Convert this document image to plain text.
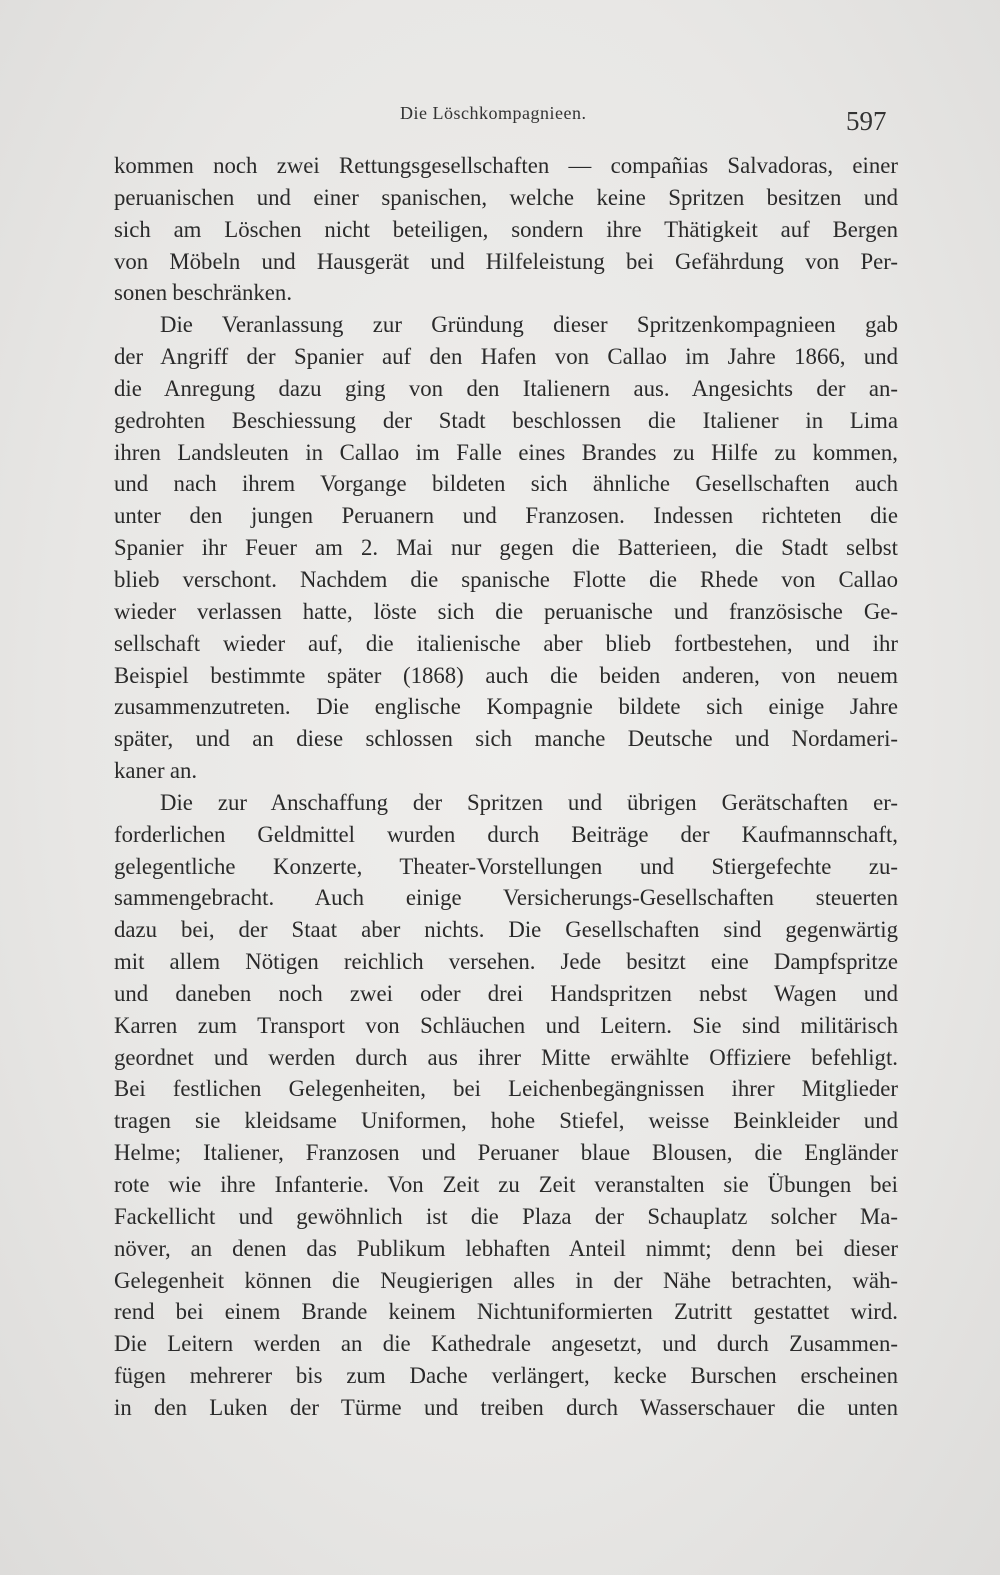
Die Löschkompagnieen.	597
kommen noch zwei Rettungsgesellschaften — compañias Salvadoras, einer
peruanischen und einer spanischen, welche keine Spritzen besitzen und
sich am Löschen nicht beteiligen, sondern ihre Thätigkeit auf Bergen
von Möbeln und Hausgerät und Hilfeleistung bei Gefährdung von Per-
sonen beschränken.
Die Veranlassung zur Gründung dieser Spritzenkompagnieen gab
der Angriff der Spanier auf den Hafen von Callao im Jahre 1866, und
die Anregung dazu ging von den Italienern aus. Angesichts der an-
gedrohten Beschiessung der Stadt beschlossen die Italiener in Lima
ihren Landsleuten in Callao im Falle eines Brandes zu Hilfe zu kommen,
und nach ihrem Vorgange bildeten sich ähnliche Gesellschaften auch
unter den jungen Peruanern und Franzosen. Indessen richteten die
Spanier ihr Feuer am 2. Mai nur gegen die Batterieen, die Stadt selbst
blieb verschont. Nachdem die spanische Flotte die Rhede von Callao
wieder verlassen hatte, löste sich die peruanische und französische Ge-
sellschaft wieder auf, die italienische aber blieb fortbestehen, und ihr
Beispiel bestimmte später (1868) auch die beiden anderen, von neuem
zusammenzutreten. Die englische Kompagnie bildete sich einige Jahre
später, und an diese schlossen sich manche Deutsche und Nordameri-
kaner an.
Die zur Anschaffung der Spritzen und übrigen Gerätschaften er-
forderlichen Geldmittel wurden durch Beiträge der Kaufmannschaft,
gelegentliche Konzerte, Theater-Vorstellungen und Stiergefechte zu-
sammengebracht. Auch einige Versicherungs-Gesellschaften steuerten
dazu bei, der Staat aber nichts. Die Gesellschaften sind gegenwärtig
mit allem Nötigen reichlich versehen. Jede besitzt eine Dampfspritze
und daneben noch zwei oder drei Handspritzen nebst Wagen und
Karren zum Transport von Schläuchen und Leitern. Sie sind militärisch
geordnet und werden durch aus ihrer Mitte erwählte Offiziere befehligt.
Bei festlichen Gelegenheiten, bei Leichenbegängnissen ihrer Mitglieder
tragen sie kleidsame Uniformen, hohe Stiefel, weisse Beinkleider und
Helme; Italiener, Franzosen und Peruaner blaue Blousen, die Engländer
rote wie ihre Infanterie. Von Zeit zu Zeit veranstalten sie Übungen bei
Fackellicht und gewöhnlich ist die Plaza der Schauplatz solcher Ma-
növer, an denen das Publikum lebhaften Anteil nimmt; denn bei dieser
Gelegenheit können die Neugierigen alles in der Nähe betrachten, wäh-
rend bei einem Brande keinem Nichtuniformierten Zutritt gestattet wird.
Die Leitern werden an die Kathedrale angesetzt, und durch Zusammen-
fügen mehrerer bis zum Dache verlängert, kecke Burschen erscheinen
in den Luken der Türme und treiben durch Wasserschauer die unten
